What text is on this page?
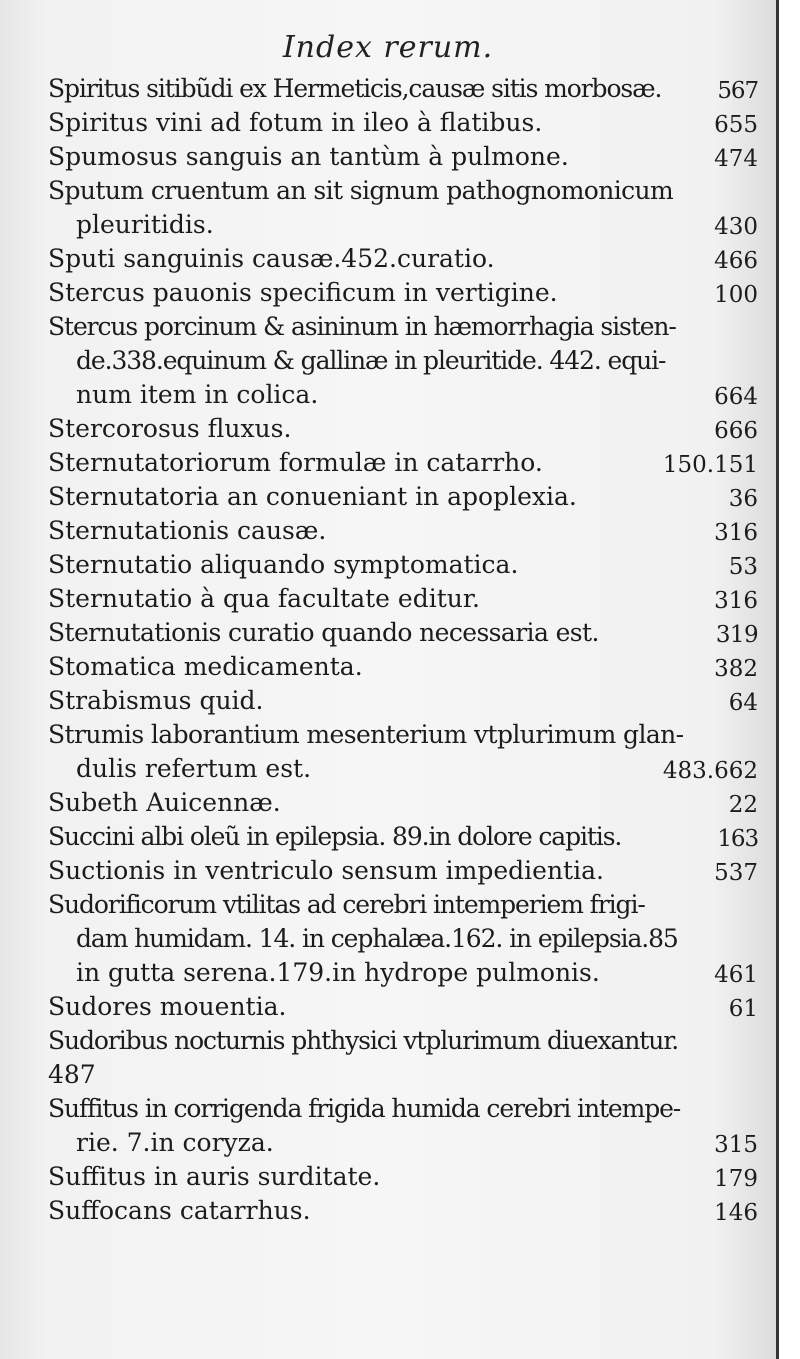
Index rerum.
Spiritus sitibũdi ex Hermeticis,causæ sitis morbosæ. 567
Spiritus vini ad fotum in ileo à flatibus.	655
Spumosus sanguis an tantùm à pulmone.	474
Sputum cruentum an sit signum pathognomonicum
pleuritidis.	430
Sputi sanguinis causæ.452.curatio.	466
Stercus pauonis specificum in vertigine.	100
Stercus porcinum & asininum in hæmorrhagia sisten-
de.338.equinum & gallinæ in pleuritide. 442. equi-
num item in colica.	664
Stercorosus fluxus.	666
Sternutatoriorum formulæ in catarrho.	150.151
Sternutatoria an conueniant in apoplexia.	36
Sternutationis causæ.	316
Sternutatio aliquando symptomatica.	53
Sternutatio à qua facultate editur.	316
Sternutationis curatio quando necessaria est.	319
Stomatica medicamenta.	382
Strabismus quid.	64
Strumis laborantium mesenterium vtplurimum glan-
dulis refertum est.	483.662
Subeth Auicennæ.	22
Succini albi oleũ in epilepsia. 89.in dolore capitis.	163
Suctionis in ventriculo sensum impedientia.	537
Sudorificorum vtilitas ad cerebri intemperiem frigi-
dam humidam. 14. in cephalæa.162. in epilepsia.85
in gutta serena.179.in hydrope pulmonis.	461
Sudores mouentia.	61
Sudoribus nocturnis phthysici vtplurimum diuexantur.
487
Suffitus in corrigenda frigida humida cerebri intempe-
rie. 7.in coryza.	315
Suffitus in auris surditate.	179
Suffocans catarrhus.	146
